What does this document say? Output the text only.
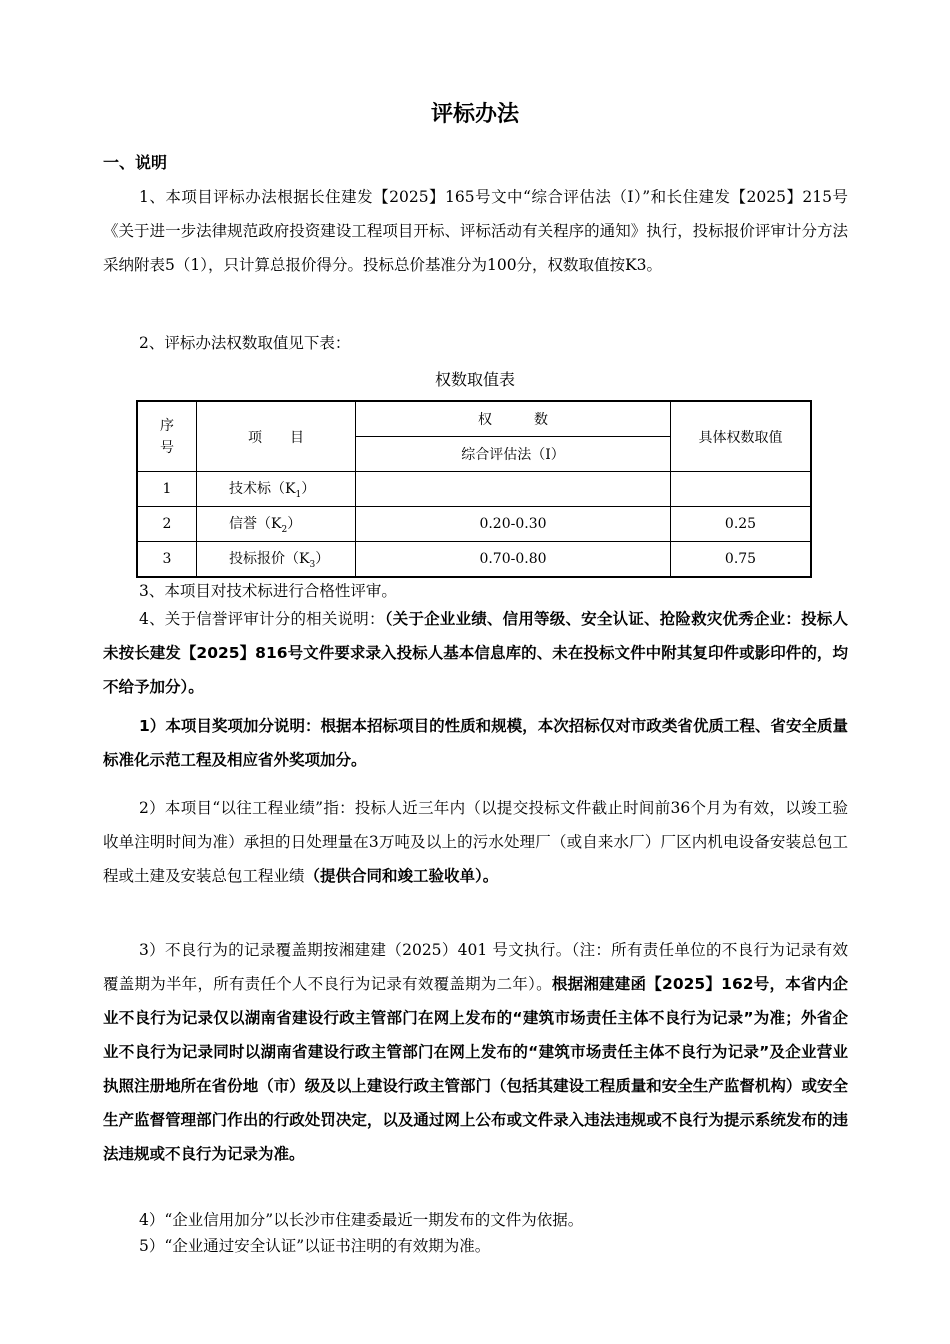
评标办法
一、说明

1、本项目评标办法根据长住建发【2025】165号文中“综合评估法（I）”和长住建发【2025】215号《关于进一步法律规范政府投资建设工程项目开标、评标活动有关程序的通知》执行，投标报价评审计分方法采纳附表5（1），只计算总报价得分。投标总价基准分为100分，权数取值按K3。

2、评标办法权数取值见下表：

权数取值表
序号	项　　目	权　　　数	具体权数取值
		综合评估法（Ⅰ）	
1	技术标$(K_1)$		
2	信誉$(K_2)$	0.20-0.30	0.25
3	投标报价$(K_3)$	0.70-0.80	0.75

3、本项目对技术标进行合格性评审。

4、关于信誉评审计分的相关说明：（关于企业业绩、信用等级、安全认证、抢险救灾优秀企业：投标人未按长建发【2025】816号文件要求录入投标人基本信息库的、未在投标文件中附其复印件或影印件的，均不给予加分）。

1）本项目奖项加分说明：根据本招标项目的性质和规模，本次招标仅对市政类省优质工程、省安全质量标准化示范工程及相应省外奖项加分。

2）本项目“以往工程业绩”指：投标人近三年内（以提交投标文件截止时间前36个月为有效，以竣工验收单注明时间为准）承担的日处理量在3万吨及以上的污水处理厂（或自来水厂）厂区内机电设备安装总包工程或土建及安装总包工程业绩（提供合同和竣工验收单）。

3）不良行为的记录覆盖期按湘建建（2025）401 号文执行。（注：所有责任单位的不良行为记录有效覆盖期为半年，所有责任个人不良行为记录有效覆盖期为二年）。根据湘建建函【2025】162号，本省内企业不良行为记录仅以湖南省建设行政主管部门在网上发布的“建筑市场责任主体不良行为记录”为准；外省企业不良行为记录同时以湖南省建设行政主管部门在网上发布的“建筑市场责任主体不良行为记录”及企业营业执照注册地所在省份地（市）级及以上建设行政主管部门（包括其建设工程质量和安全生产监督机构）或安全生产监督管理部门作出的行政处罚决定，以及通过网上公布或文件录入违法违规或不良行为提示系统发布的违法违规或不良行为记录为准。

4）“企业信用加分”以长沙市住建委最近一期发布的文件为依据。

5）“企业通过安全认证”以证书注明的有效期为准。
